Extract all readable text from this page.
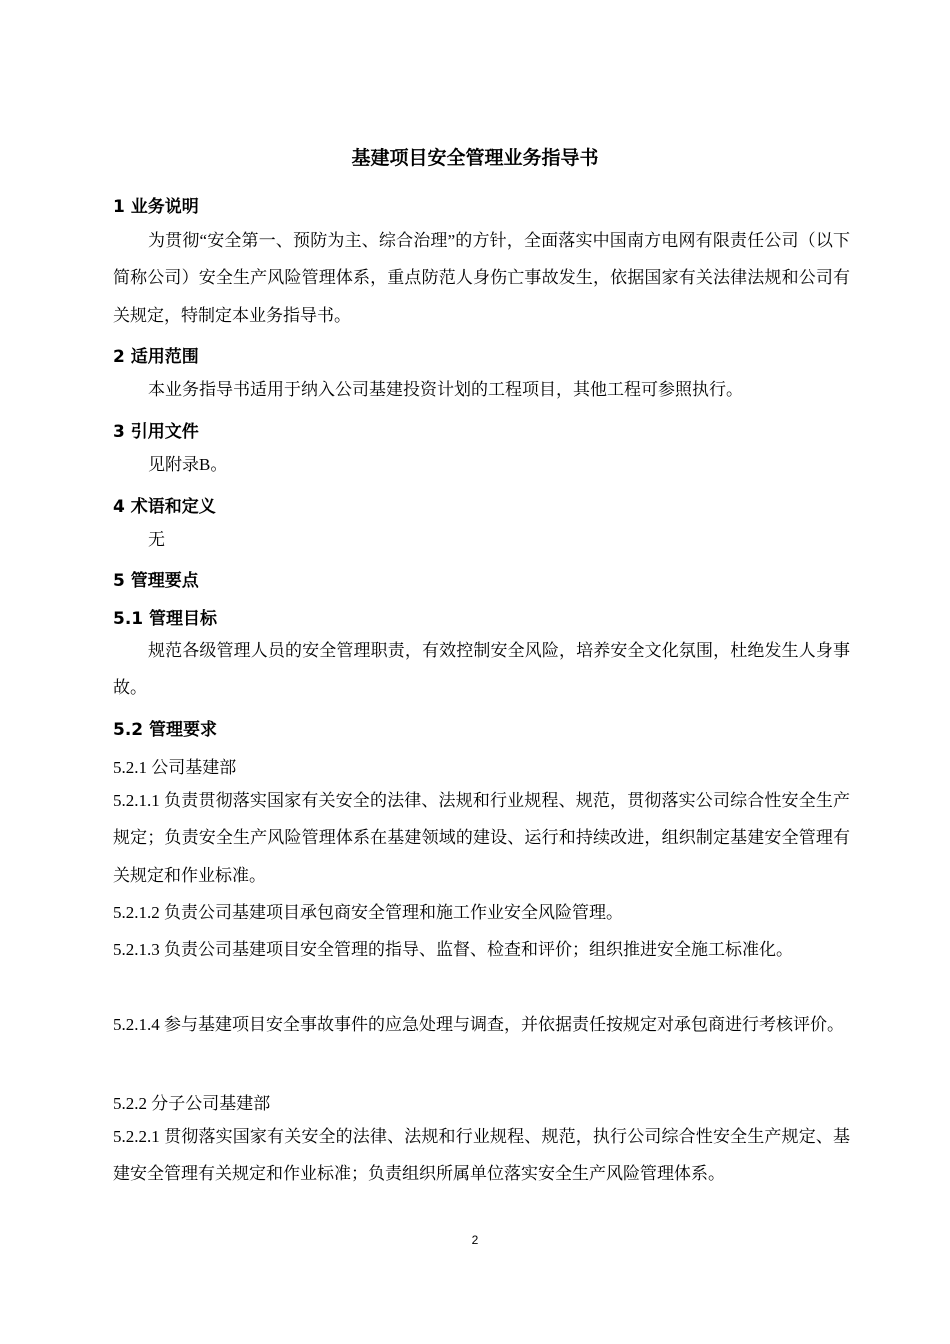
基建项目安全管理业务指导书
1 业务说明

为贯彻“安全第一、预防为主、综合治理”的方针，全面落实中国南方电网有限责任公司（以下简称公司）安全生产风险管理体系，重点防范人身伤亡事故发生，依据国家有关法律法规和公司有关规定，特制定本业务指导书。

2 适用范围

本业务指导书适用于纳入公司基建投资计划的工程项目，其他工程可参照执行。

3 引用文件

见附录B。

4 术语和定义

无

5 管理要点
5.1 管理目标

规范各级管理人员的安全管理职责，有效控制安全风险，培养安全文化氛围，杜绝发生人身事故。

5.2 管理要求
5.2.1 公司基建部

5.2.1.1 负责贯彻落实国家有关安全的法律、法规和行业规程、规范，贯彻落实公司综合性安全生产规定；负责安全生产风险管理体系在基建领域的建设、运行和持续改进，组织制定基建安全管理有关规定和作业标准。

5.2.1.2 负责公司基建项目承包商安全管理和施工作业安全风险管理。

5.2.1.3 负责公司基建项目安全管理的指导、监督、检查和评价；组织推进安全施工标准化。

5.2.1.4 参与基建项目安全事故事件的应急处理与调查，并依据责任按规定对承包商进行考核评价。

5.2.2 分子公司基建部

5.2.2.1 贯彻落实国家有关安全的法律、法规和行业规程、规范，执行公司综合性安全生产规定、基建安全管理有关规定和作业标准；负责组织所属单位落实安全生产风险管理体系。

2
